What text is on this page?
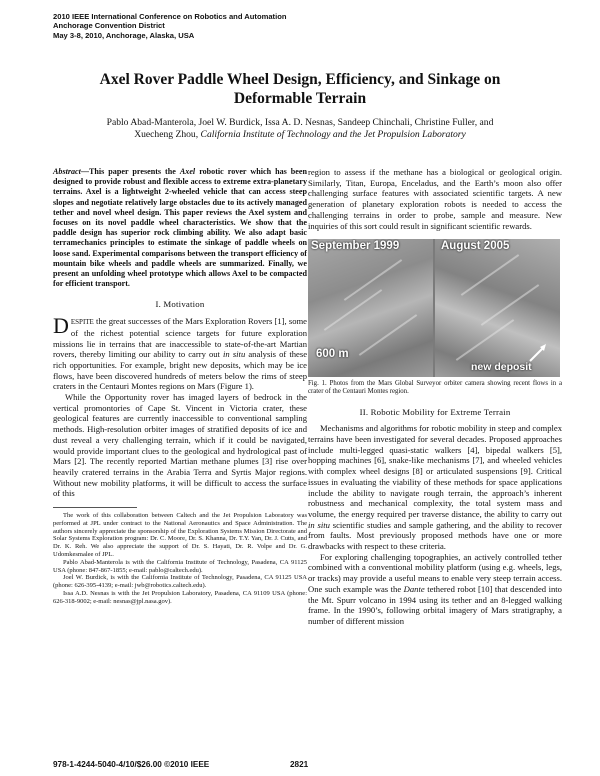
2010 IEEE International Conference on Robotics and Automation
Anchorage Convention District
May 3-8, 2010, Anchorage, Alaska, USA
Axel Rover Paddle Wheel Design, Efficiency, and Sinkage on
Deformable Terrain
Pablo Abad-Manterola, Joel W. Burdick, Issa A. D. Nesnas, Sandeep Chinchali, Christine Fuller, and
Xuecheng Zhou, California Institute of Technology and the Jet Propulsion Laboratory

Abstract—This paper presents the Axel robotic rover which has been designed to provide robust and flexible access to extreme extra-planetary terrains. Axel is a lightweight 2-wheeled vehicle that can access steep slopes and negotiate relatively large obstacles due to its actively managed tether and novel wheel design. This paper reviews the Axel system and focuses on its novel paddle wheel characteristics. We show that the paddle design has superior rock climbing ability. We also adapt basic terramechanics principles to estimate the sinkage of paddle wheels on loose sand. Experimental comparisons between the transport efficiency of mountain bike wheels and paddle wheels are summarized. Finally, we present an unfolding wheel prototype which allows Axel to be compacted for efficient transport.

I. Motivation

DESPITE the great successes of the Mars Exploration Rovers [1], some of the richest potential science targets for future exploration missions lie in terrains that are inaccessible to state-of-the-art Martian rovers, thereby limiting our ability to carry out in situ analysis of these rich opportunities. For example, bright new deposits, which may be ice flows, have been discovered hundreds of meters below the rims of steep craters in the Centauri Montes regions on Mars (Figure 1).

While the Opportunity rover has imaged layers of bedrock in the vertical promontories of Cape St. Vincent in Victoria crater, these geological features are currently inaccessible to conventional sampling methods. High-resolution orbiter images of stratified deposits of ice and dust reveal a very challenging terrain, which if it could be navigated, would provide important clues to the geological and hydrological past of Mars [2]. The recently reported Martian methane plumes [3] rise over heavily cratered terrains in the Arabia Terra and Syrtis Major regions. Without new mobility platforms, it will be difficult to access the surface of this

The work of this collaboration between Caltech and the Jet Propulsion Laboratory was performed at JPL under contract to the National Aeronautics and Space Administration. The authors sincerely appreciate the sponsorship of the Exploration Systems Mission Directorate and Solar Systems Exploration program: Dr. C. Moore, Dr. S. Khanna, Dr. T.Y. Yan, Dr. J. Cutts, and Dr. K. Reh. We also appreciate the support of Dr. S. Hayati, Dr. R. Volpe and Dr. G. Udomkesmalee of JPL.

Pablo Abad-Manterola is with the California Institute of Technology, Pasadena, CA 91125 USA (phone: 847-867-1855; e-mail: pablo@caltech.edu).

Joel W. Burdick, is with the California Institute of Technology, Pasadena, CA 91125 USA (phone: 626-395-4139; e-mail: jwb@robotics.caltech.edu).

Issa A.D. Nesnas is with the Jet Propulsion Laboratory, Pasadena, CA 91109 USA (phone: 626-318-9002; e-mail: nesnas@jpl.nasa.gov).

region to assess if the methane has a biological or geological origin. Similarly, Titan, Europa, Enceladus, and the Earth’s moon also offer challenging surface features with associated scientific targets. A new generation of planetary exploration robots is needed to access the challenging terrains in order to probe, sample and measure. New inquiries of this sort could result in significant scientific rewards.

September 1999	August 2005
600 m
new deposit

Fig. 1. Photos from the Mars Global Surveyor orbiter camera showing recent flows in a crater of the Centauri Montes region.

II. Robotic Mobility for Extreme Terrain

Mechanisms and algorithms for robotic mobility in steep and complex terrains have been investigated for several decades. Proposed approaches include multi-legged quasi-static walkers [4], bipedal walkers [5], hopping machines [6], snake-like mechanisms [7], and wheeled vehicles with complex wheel designs [8] or articulated suspensions [9]. Critical issues in evaluating the viability of these methods for space applications include the ability to navigate rough terrain, the approach’s inherent robustness and mechanical complexity, the total system mass and volume, the energy required per traverse distance, the ability to carry out in situ scientific studies and sample gathering, and the ability to recover from faults. Most previously proposed methods have one or more drawbacks with respect to these criteria.

For exploring challenging topographies, an actively controlled tether combined with a conventional mobility platform (using e.g. wheels, legs, or tracks) may provide a useful means to enable very steep terrain access. One such example was the Dante tethered robot [10] that descended into the Mt. Spurr volcano in 1994 using its tether and an 8-legged walking frame. In the 1990’s, following orbital imagery of Mars stratigraphy, a number of different mission

978-1-4244-5040-4/10/$26.00 ©2010 IEEE	2821
